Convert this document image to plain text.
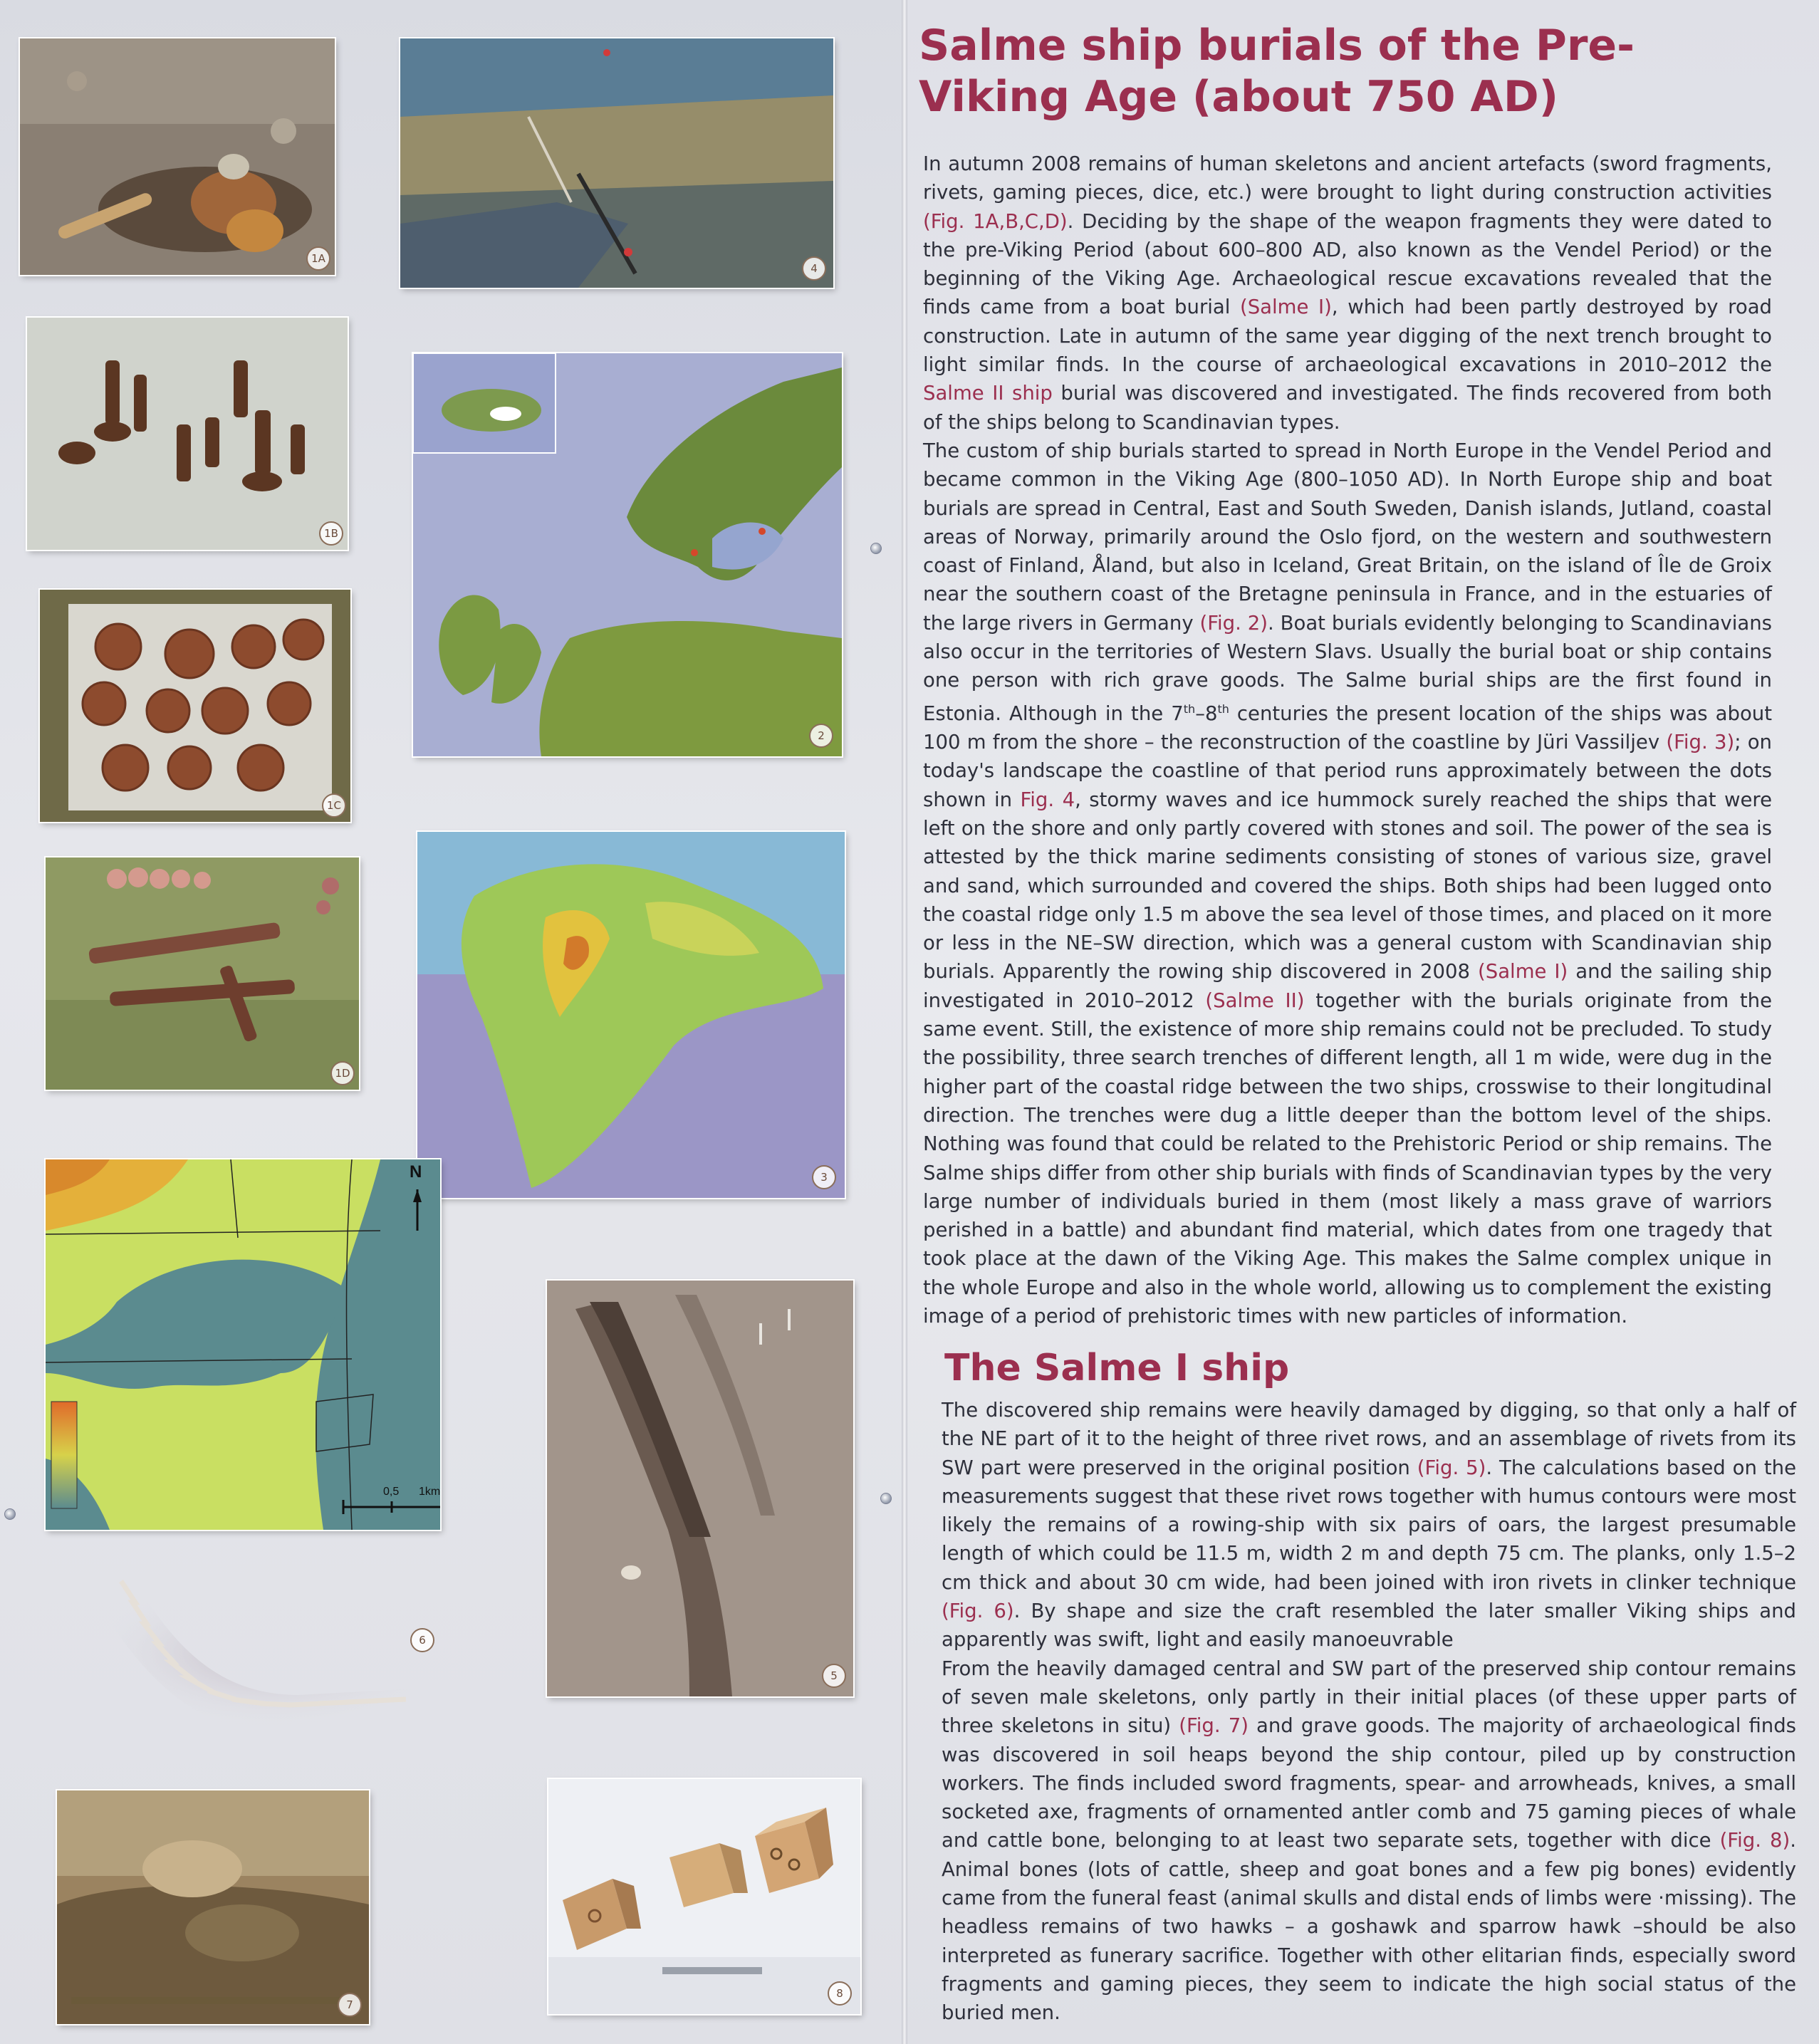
1A
1B
1C
1D
4
2
3
N
0,5 1km
6
5
7
8
Salme ship burials of the Pre-Viking Age (about 750 AD)

In autumn 2008 remains of human skeletons and ancient artefacts (sword fragments, rivets, gaming pieces, dice, etc.) were brought to light during construction activities (Fig. 1A,B,C,D). Deciding by the shape of the weapon fragments they were dated to the pre-Viking Period (about 600–800 AD, also known as the Vendel Period) or the beginning of the Viking Age. Archaeological rescue excavations revealed that the finds came from a boat burial (Salme I), which had been partly destroyed by road construction. Late in autumn of the same year digging of the next trench brought to light similar finds. In the course of archaeological excavations in 2010–2012 the Salme II ship burial was discovered and investigated. The finds recovered from both of the ships belong to Scandinavian types.

The custom of ship burials started to spread in North Europe in the Vendel Period and became common in the Viking Age (800–1050 AD). In North Europe ship and boat burials are spread in Central, East and South Sweden, Danish islands, Jutland, coastal areas of Norway, primarily around the Oslo fjord, on the western and southwestern coast of Finland, Åland, but also in Iceland, Great Britain, on the island of Île de Groix near the southern coast of the Bretagne peninsula in France, and in the estuaries of the large rivers in Germany (Fig. 2). Boat burials evidently belonging to Scandinavians also occur in the territories of Western Slavs. Usually the burial boat or ship contains one person with rich grave goods. The Salme burial ships are the first found in Estonia. Although in the 7th–8th centuries the present location of the ships was about 100 m from the shore – the reconstruction of the coastline by Jüri Vassiljev (Fig. 3); on today's landscape the coastline of that period runs approximately between the dots shown in Fig. 4, stormy waves and ice hummock surely reached the ships that were left on the shore and only partly covered with stones and soil. The power of the sea is attested by the thick marine sediments consisting of stones of various size, gravel and sand, which surrounded and covered the ships. Both ships had been lugged onto the coastal ridge only 1.5 m above the sea level of those times, and placed on it more or less in the NE–SW direction, which was a general custom with Scandinavian ship burials. Apparently the rowing ship discovered in 2008 (Salme I) and the sailing ship investigated in 2010–2012 (Salme II) together with the burials originate from the same event. Still, the existence of more ship remains could not be precluded. To study the possibility, three search trenches of different length, all 1 m wide, were dug in the higher part of the coastal ridge between the two ships, crosswise to their longitudinal direction. The trenches were dug a little deeper than the bottom level of the ships. Nothing was found that could be related to the Prehistoric Period or ship remains. The Salme ships differ from other ship burials with finds of Scandinavian types by the very large number of individuals buried in them (most likely a mass grave of warriors perished in a battle) and abundant find material, which dates from one tragedy that took place at the dawn of the Viking Age. This makes the Salme complex unique in the whole Europe and also in the whole world, allowing us to complement the existing image of a period of prehistoric times with new particles of information.

The Salme I ship

The discovered ship remains were heavily damaged by digging, so that only a half of the NE part of it to the height of three rivet rows, and an assemblage of rivets from its SW part were preserved in the original position (Fig. 5). The calculations based on the measurements suggest that these rivet rows together with humus contours were most likely the remains of a rowing-ship with six pairs of oars, the largest presumable length of which could be 11.5 m, width 2 m and depth 75 cm. The planks, only 1.5–2 cm thick and about 30 cm wide, had been joined with iron rivets in clinker technique (Fig. 6). By shape and size the craft resembled the later smaller Viking ships and apparently was swift, light and easily manoeuvrable

From the heavily damaged central and SW part of the preserved ship contour remains of seven male skeletons, only partly in their initial places (of these upper parts of three skeletons in situ) (Fig. 7) and grave goods. The majority of archaeological finds was discovered in soil heaps beyond the ship contour, piled up by construction workers. The finds included sword fragments, spear- and arrowheads, knives, a small socketed axe, fragments of ornamented antler comb and 75 gaming pieces of whale and cattle bone, belonging to at least two separate sets, together with dice (Fig. 8). Animal bones (lots of cattle, sheep and goat bones and a few pig bones) evidently came from the funeral feast (animal skulls and distal ends of limbs were ·missing). The headless remains of two hawks – a goshawk and sparrow hawk –should be also interpreted as funerary sacrifice. Together with other elitarian finds, especially sword fragments and gaming pieces, they seem to indicate the high social status of the buried men.
